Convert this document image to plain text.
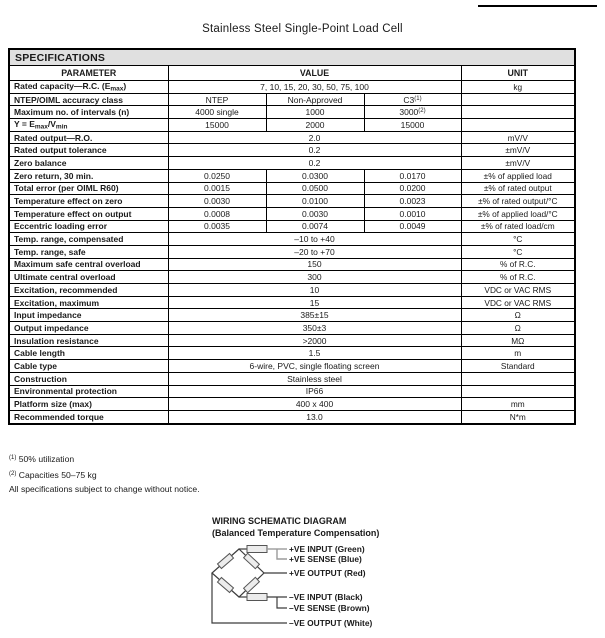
Stainless Steel Single-Point Load Cell
SPECIFICATIONS				
PARAMETER	VALUE			UNIT
Rated capacity—R.C. $(E_{max})$	7, 10, 15, 20, 30, 50, 75, 100			kg
NTEP/OIML accuracy class	NTEP	Non-Approved	C3$^{(1)}$	
Maximum no. of intervals (n)	4000 single	1000	3000$^{(2)}$	
$Y = E_{max}/V_{min}$	15000	2000	15000	
Rated output—R.O.	2.0			mV/V
Rated output tolerance	0.2			±mV/V
Zero balance	0.2			±mV/V
Zero return, 30 min.	0.0250	0.0300	0.0170	±% of applied load
Total error (per OIML R60)	0.0015	0.0500	0.0200	±% of rated output
Temperature effect on zero	0.0030	0.0100	0.0023	±% of rated output/°C
Temperature effect on output	0.0008	0.0030	0.0010	±% of applied load/°C
Eccentric loading error	0.0035	0.0074	0.0049	±% of rated load/cm
Temp. range, compensated	–10 to +40			°C
Temp. range, safe	–20 to +70			°C
Maximum safe central overload	150			% of R.C.
Ultimate central overload	300			% of R.C.
Excitation, recommended	10			VDC or VAC RMS
Excitation, maximum	15			VDC or VAC RMS
Input impedance	385±15			Ω
Output impedance	350±3			Ω
Insulation resistance	>2000			MΩ
Cable length	1.5			m
Cable type	6-wire, PVC, single floating screen			Standard
Construction	Stainless steel			
Environmental protection	IP66			
Platform size (max)	400 x 400			mm
Recommended torque	13.0			N*m
$^{(1)}$ 50% utilization
$^{(2)}$ Capacities 50–75 kg
All specifications subject to change without notice.
WIRING SCHEMATIC DIAGRAM
(Balanced Temperature Compensation)
+VE INPUT (Green)
+VE SENSE (Blue)
+VE OUTPUT (Red)
–VE INPUT (Black)
–VE SENSE (Brown)
–VE OUTPUT (White)
